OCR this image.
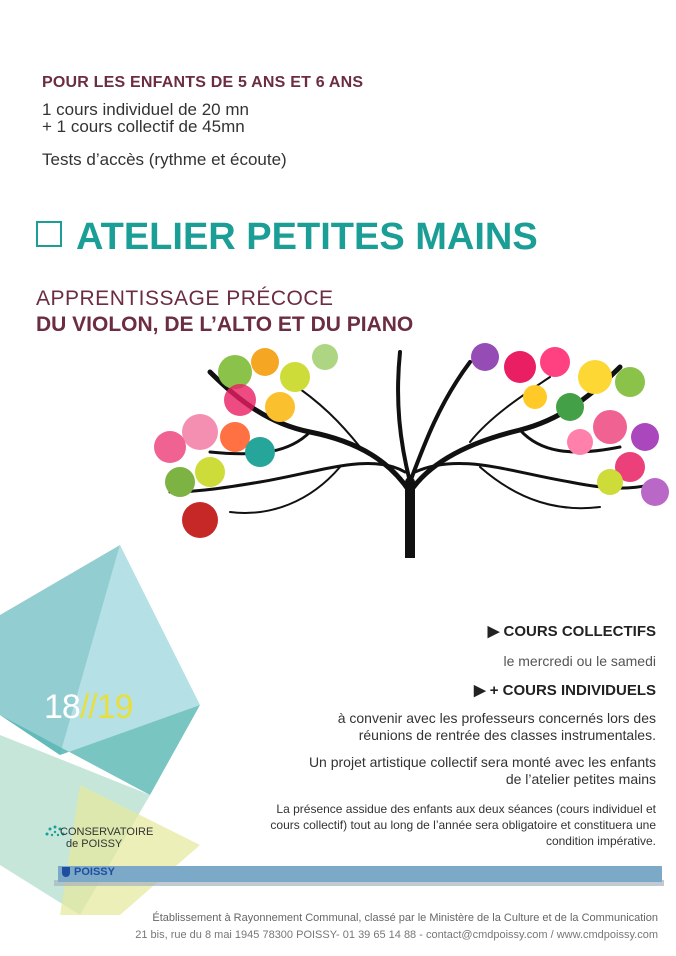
POUR LES ENFANTS DE 5 ANS ET 6 ANS
1 cours individuel de 20 mn
+ 1 cours collectif de 45mn
Tests d’accès (rythme et écoute)
ATELIER PETITES MAINS
APPRENTISSAGE PRÉCOCE
DU VIOLON, DE L’ALTO ET DU PIANO
18//19
▶ COURS COLLECTIFS
le mercredi ou le samedi
▶ + COURS INDIVIDUELS
à convenir avec les professeurs concernés lors des
réunions de rentrée des classes instrumentales.
Un projet artistique collectif sera monté avec les enfants
de l’atelier petites mains
La présence assidue des enfants aux deux séances (cours individuel et
cours collectif) tout au long de l’année sera obligatoire et constituera une
condition impérative.
CONSERVATOIRE
de POISSY
POISSY
Établissement à Rayonnement Communal, classé par le Ministère de la Culture et de la Communication
21 bis, rue du 8 mai 1945 78300 POISSY- 01 39 65 14 88 - contact@cmdpoissy.com / www.cmdpoissy.com
